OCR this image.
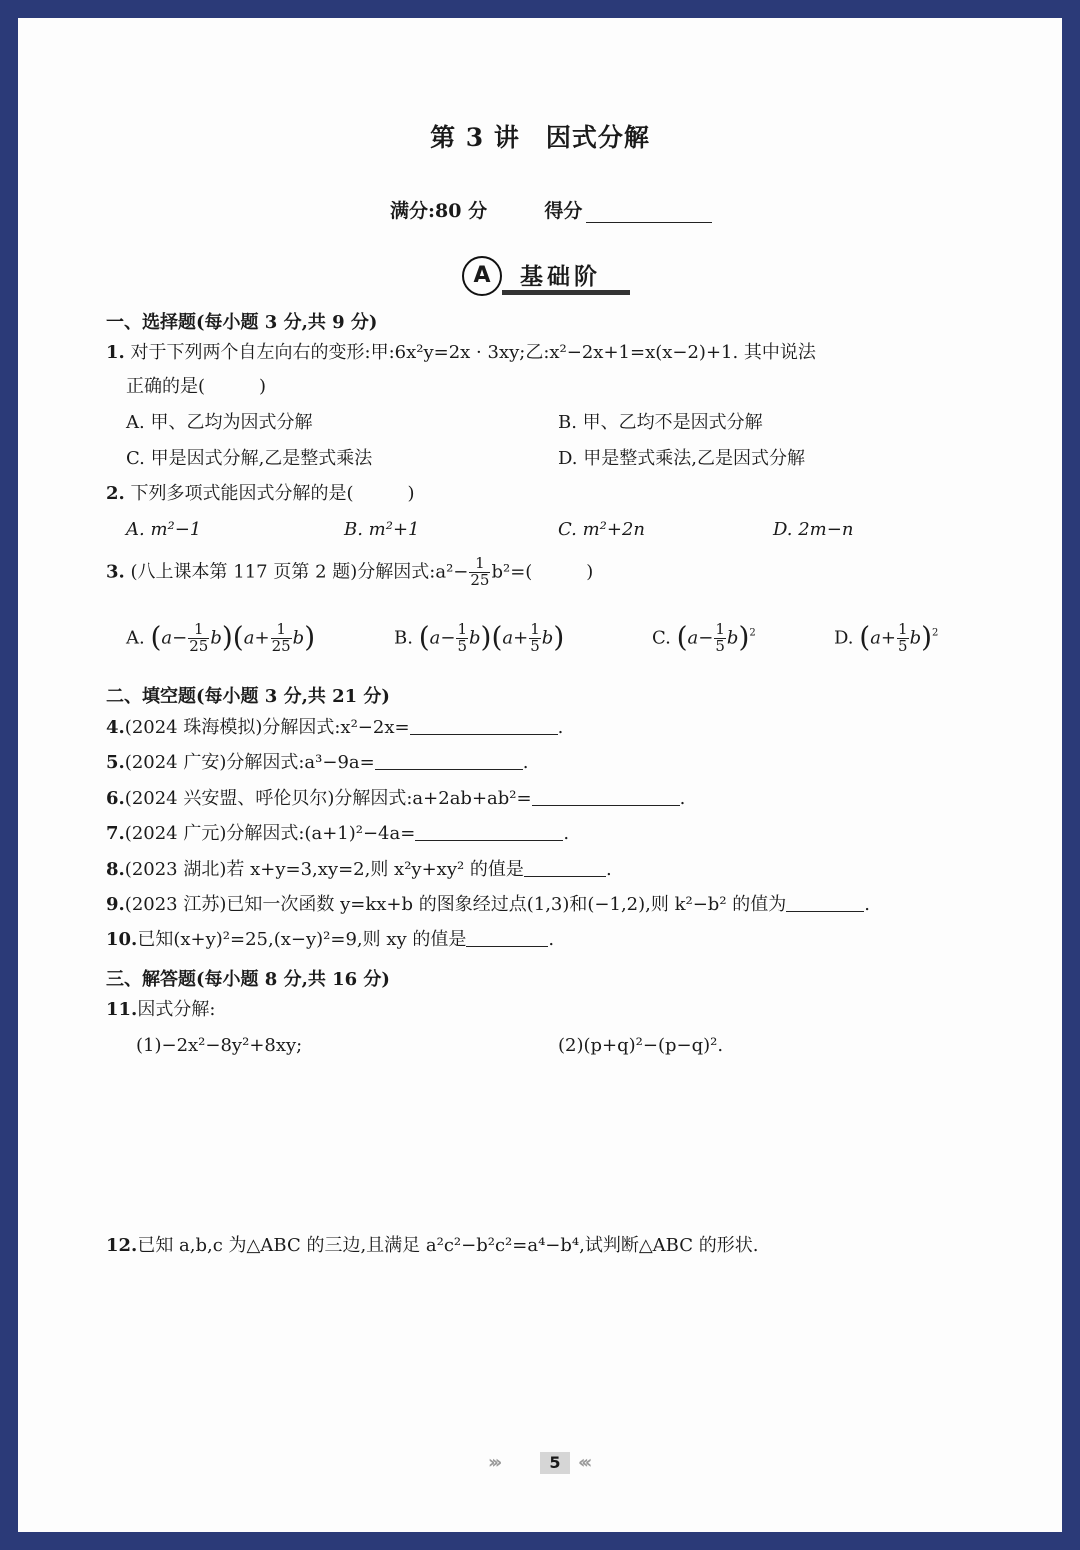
第 3 讲　因式分解
满分:80 分	得分
A	基础阶
一、选择题(每小题 3 分,共 9 分)
1. 对于下列两个自左向右的变形:甲:6x²y=2x · 3xy;乙:x²−2x+1=x(x−2)+1. 其中说法
正确的是(　　　)
A. 甲、乙均为因式分解	B. 甲、乙均不是因式分解
C. 甲是因式分解,乙是整式乘法	D. 甲是整式乘法,乙是因式分解
2. 下列多项式能因式分解的是(　　　)
A. m²−1	B. m²+1	C. m²+2n	D. 2m−n
3. (八上课本第 117 页第 2 题)分解因式:a²− $\frac{1}{25} b^2=$(　　　)
A. $(a- \frac{1}{25} b)(a+ \frac{1}{25} b)$	B. $(a- \frac{1}{5} b)(a+ \frac{1}{5} b)$	C. $(a- \frac{1}{5} b)^2$	D. $(a+ \frac{1}{5} b)^2$
二、填空题(每小题 3 分,共 21 分)
4.(2024 珠海模拟)分解因式:x²−2x=	.
5.(2024 广安)分解因式:a³−9a=	.
6.(2024 兴安盟、呼伦贝尔)分解因式:a+2ab+ab²=	.
7.(2024 广元)分解因式:(a+1)²−4a=	.
8.(2023 湖北)若 x+y=3,xy=2,则 x²y+xy² 的值是	.
9.(2023 江苏)已知一次函数 y=kx+b 的图象经过点(1,3)和(−1,2),则 k²−b² 的值为	.
10.已知(x+y)²=25,(x−y)²=9,则 xy 的值是	.
三、解答题(每小题 8 分,共 16 分)
11.因式分解:
(1)−2x²−8y²+8xy;	(2)(p+q)²−(p−q)².
12.已知 a,b,c 为△ABC 的三边,且满足 a²c²−b²c²=a⁴−b⁴,试判断△ABC 的形状.
›››	5 ‹‹‹
